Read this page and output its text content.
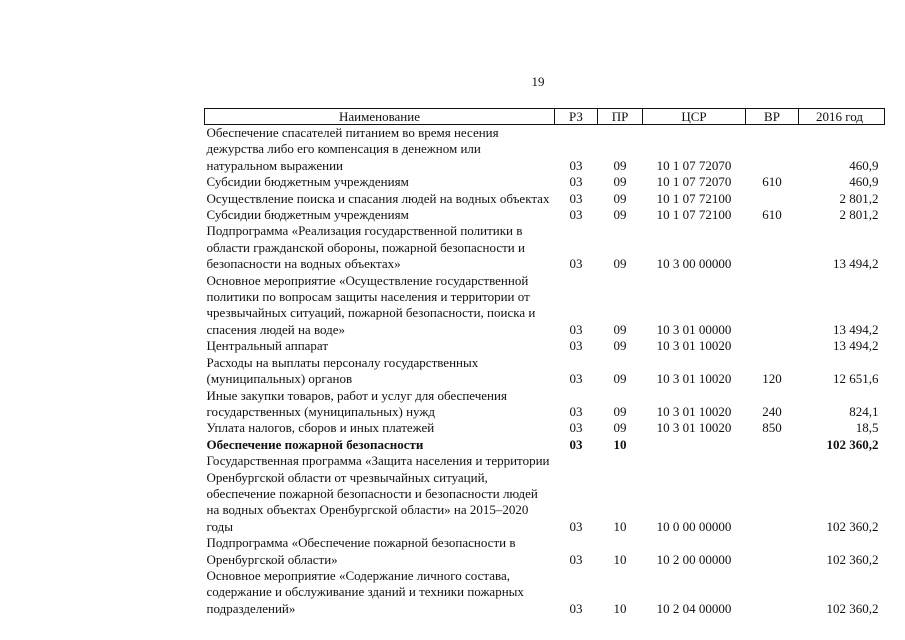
19
Наименование	РЗ	ПР	ЦСР	ВР	2016 год
Обеспечение спасателей питанием во время несения дежурства либо его компенсация в денежном или натуральном выражении	03	09	10 1 07 72070		460,9
Субсидии бюджетным учреждениям	03	09	10 1 07 72070	610	460,9
Осуществление поиска и спасания людей на водных объектах	03	09	10 1 07 72100		2 801,2
Субсидии бюджетным учреждениям	03	09	10 1 07 72100	610	2 801,2
Подпрограмма «Реализация государственной политики в области гражданской обороны, пожарной безопасности и безопасности на водных объектах»	03	09	10 3 00 00000		13 494,2
Основное мероприятие «Осуществление государственной политики по вопросам защиты населения и территории от чрезвычайных ситуаций, пожарной безопасности, поиска и спасения людей на воде»	03	09	10 3 01 00000		13 494,2
Центральный аппарат	03	09	10 3 01 10020		13 494,2
Расходы на выплаты персоналу государственных (муниципальных) органов	03	09	10 3 01 10020	120	12 651,6
Иные закупки товаров, работ и услуг для обеспечения государственных (муниципальных) нужд	03	09	10 3 01 10020	240	824,1
Уплата налогов, сборов и иных платежей	03	09	10 3 01 10020	850	18,5
Обеспечение пожарной безопасности	03	10			102 360,2
Государственная программа «Защита населения и территории Оренбургской области от чрезвычайных ситуаций, обеспечение пожарной безопасности и безопасности людей на водных объектах Оренбургской области» на 2015–2020 годы	03	10	10 0 00 00000		102 360,2
Подпрограмма «Обеспечение пожарной безопасности в Оренбургской области»	03	10	10 2 00 00000		102 360,2
Основное мероприятие «Содержание личного состава, содержание и обслуживание зданий и техники пожарных подразделений»	03	10	10 2 04 00000		102 360,2
